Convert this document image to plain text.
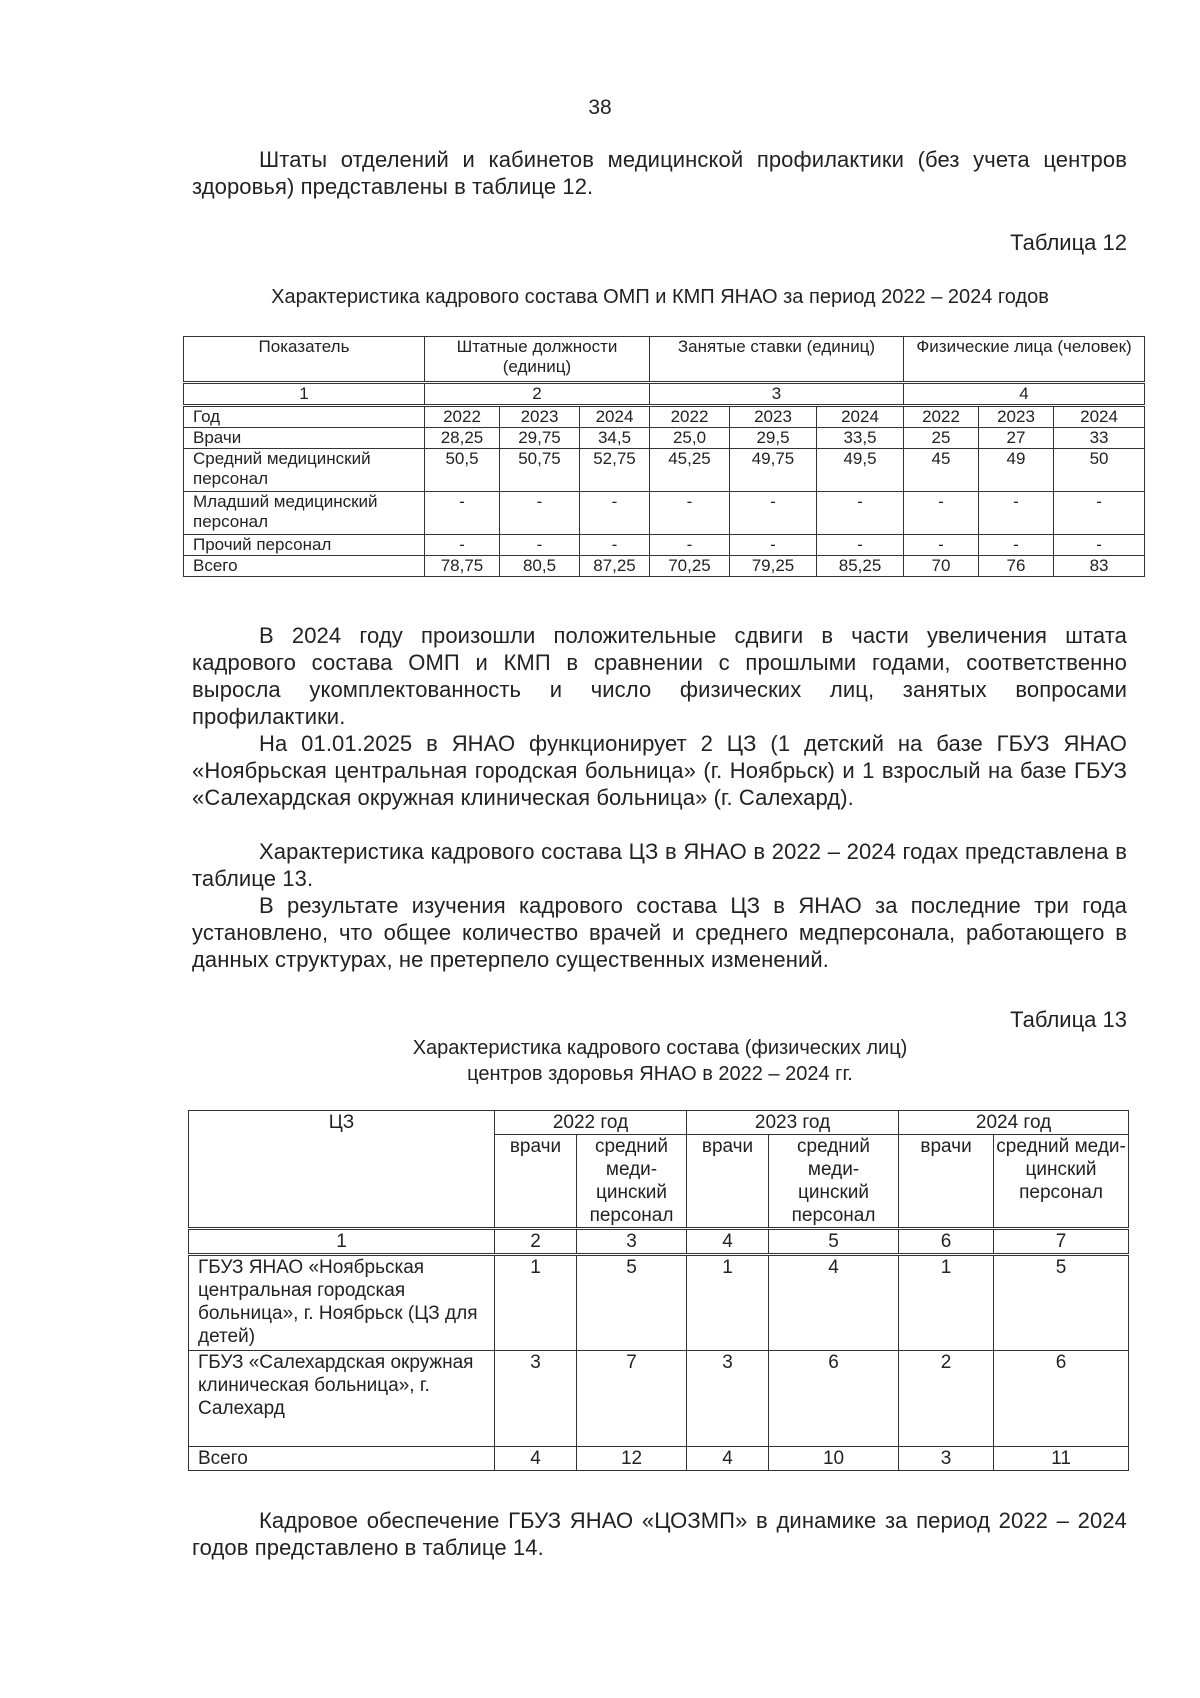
38

Штаты отделений и кабинетов медицинской профилактики (без учета центров здоровья) представлены в таблице 12.

Таблица 12
Характеристика кадрового состава ОМП и КМП ЯНАО за период 2022 – 2024 годов
Показатель	Штатные должности (единиц)			Занятые ставки (единиц)			Физические лица (человек)		
1	2			3			4		
Год	2022	2023	2024	2022	2023	2024	2022	2023	2024
Врачи	28,25	29,75	34,5	25,0	29,5	33,5	25	27	33
Средний медицинский персонал	50,5	50,75	52,75	45,25	49,75	49,5	45	49	50
Младший медицинский персонал	-	-	-	-	-	-	-	-	-
Прочий персонал	-	-	-	-	-	-	-	-	-
Всего	78,75	80,5	87,25	70,25	79,25	85,25	70	76	83

В 2024 году произошли положительные сдвиги в части увеличения штата кадрового состава ОМП и КМП в сравнении с прошлыми годами, соответственно выросла укомплектованность и число физических лиц, занятых вопросами профилактики.

На 01.01.2025 в ЯНАО функционирует 2 ЦЗ (1 детский на базе ГБУЗ ЯНАО «Ноябрьская центральная городская больница» (г. Ноябрьск) и 1 взрослый на базе ГБУЗ «Салехардская окружная клиническая больница» (г. Салехард).

Характеристика кадрового состава ЦЗ в ЯНАО в 2022 – 2024 годах представлена в таблице 13.

В результате изучения кадрового состава ЦЗ в ЯНАО за последние три года установлено, что общее количество врачей и среднего медперсонала, работающего в данных структурах, не претерпело существенных изменений.

Таблица 13
Характеристика кадрового состава (физических лиц)
центров здоровья ЯНАО в 2022 – 2024 гг.
ЦЗ	2022 год		2023 год		2024 год	
	врачи	средний меди- цинский персонал	врачи	средний меди- цинский персонал	врачи	средний меди- цинский персонал
1	2	3	4	5	6	7
ГБУЗ ЯНАО «Ноябрьская центральная городская больница», г. Ноябрьск (ЦЗ для детей)	1	5	1	4	1	5
ГБУЗ «Салехардская окружная клиническая больница», г. Салехард	3	7	3	6	2	6
Всего	4	12	4	10	3	11

Кадровое обеспечение ГБУЗ ЯНАО «ЦОЗМП» в динамике за период 2022 – 2024 годов представлено в таблице 14.
